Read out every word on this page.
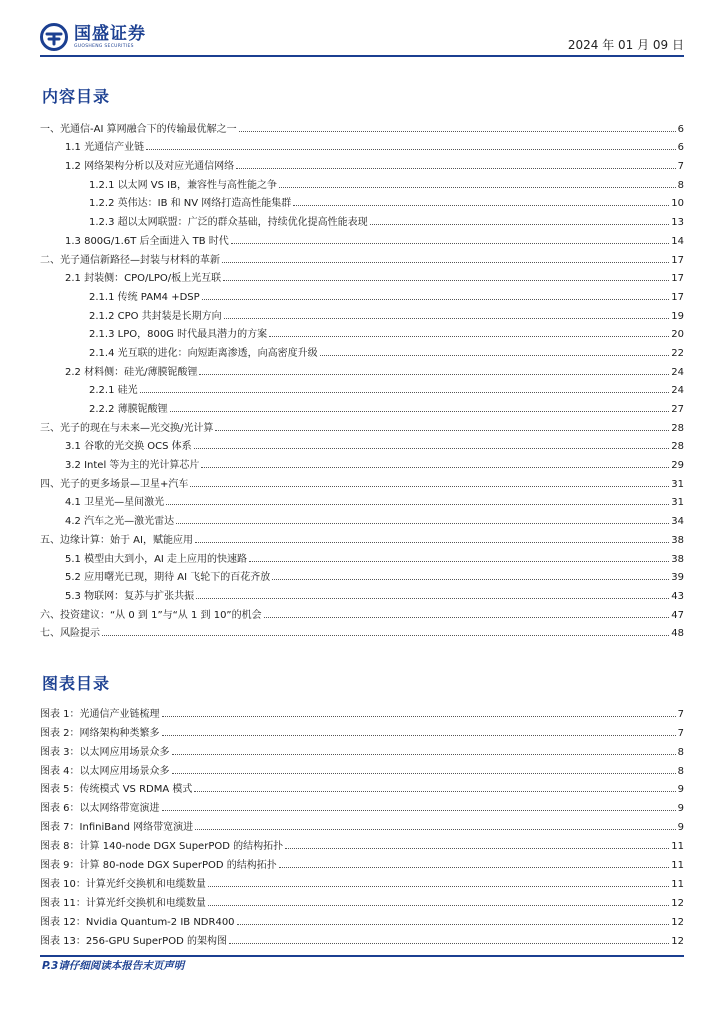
国盛证券
GUOSHENG SECURITIES	2024 年 01 月 09 日
内容目录
一、光通信-AI 算网融合下的传输最优解之一	6
1.1 光通信产业链	6
1.2 网络架构分析以及对应光通信网络	7
1.2.1 以太网 VS IB，兼容性与高性能之争	8
1.2.2 英伟达：IB 和 NV 网络打造高性能集群	10
1.2.3 超以太网联盟：广泛的群众基础，持续优化提高性能表现	13
1.3 800G/1.6T 后全面进入 TB 时代	14
二、光子通信新路径—封装与材料的革新	17
2.1 封装侧：CPO/LPO/板上光互联	17
2.1.1 传统 PAM4 +DSP	17
2.1.2 CPO 共封装是长期方向	19
2.1.3 LPO，800G 时代最具潜力的方案	20
2.1.4 光互联的进化：向短距离渗透，向高密度升级	22
2.2 材料侧：硅光/薄膜铌酸锂	24
2.2.1 硅光	24
2.2.2 薄膜铌酸锂	27
三、光子的现在与未来—光交换/光计算	28
3.1 谷歌的光交换 OCS 体系	28
3.2 Intel 等为主的光计算芯片	29
四、光子的更多场景—卫星+汽车	31
4.1 卫星光—星间激光	31
4.2 汽车之光—激光雷达	34
五、边缘计算：始于 AI，赋能应用	38
5.1 模型由大到小，AI 走上应用的快速路	38
5.2 应用曙光已现，期待 AI 飞轮下的百花齐放	39
5.3 物联网：复苏与扩张共振	43
六、投资建议：“从 0 到 1”与“从 1 到 10”的机会	47
七、风险提示	48
图表目录
图表 1：光通信产业链梳理	7
图表 2：网络架构种类繁多	7
图表 3：以太网应用场景众多	8
图表 4：以太网应用场景众多	8
图表 5：传统模式 VS RDMA 模式	9
图表 6：以太网络带宽演进	9
图表 7：InfiniBand 网络带宽演进	9
图表 8：计算 140-node DGX SuperPOD 的结构拓扑	11
图表 9：计算 80-node DGX SuperPOD 的结构拓扑	11
图表 10：计算光纤交换机和电缆数量	11
图表 11：计算光纤交换机和电缆数量	12
图表 12：Nvidia Quantum-2 IB NDR400	12
图表 13：256-GPU SuperPOD 的架构图	12
P.3请仔细阅读本报告末页声明
